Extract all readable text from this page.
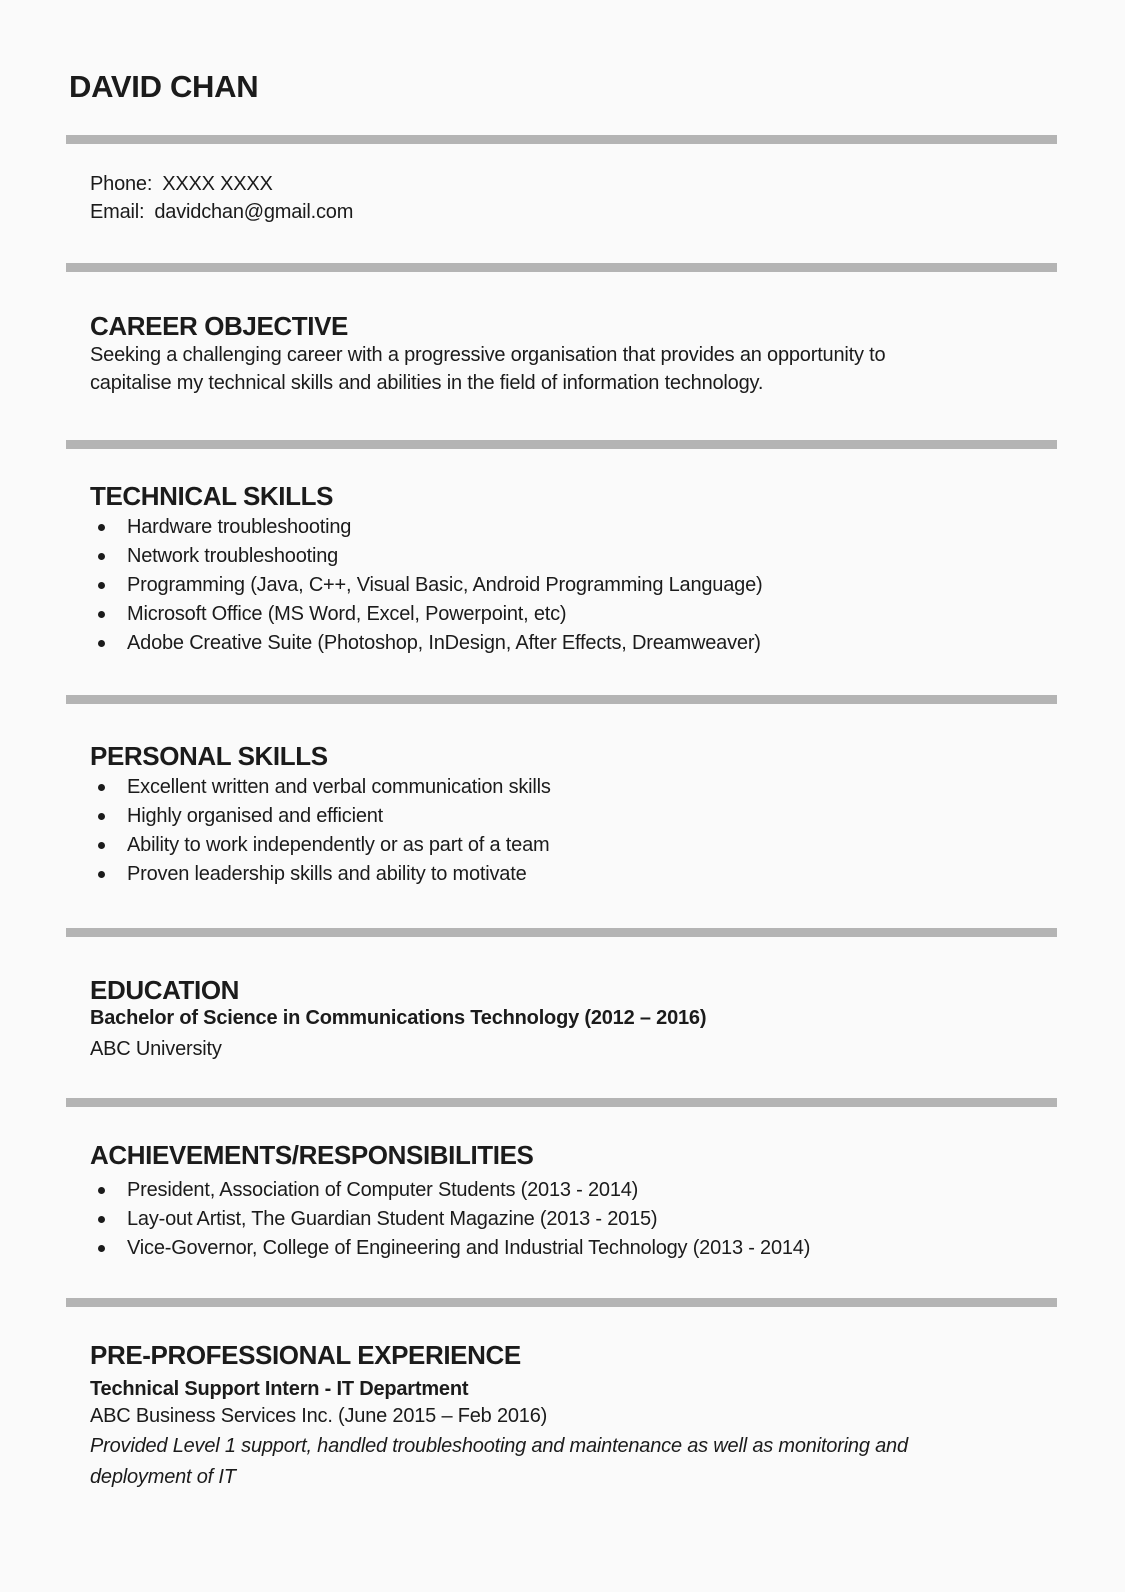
DAVID CHAN
Phone: XXXX XXXX
Email: davidchan@gmail.com
CAREER OBJECTIVE
Seeking a challenging career with a progressive organisation that provides an opportunity to
capitalise my technical skills and abilities in the field of information technology.
TECHNICAL SKILLS
Hardware troubleshooting
Network troubleshooting
Programming (Java, C++, Visual Basic, Android Programming Language)
Microsoft Office (MS Word, Excel, Powerpoint, etc)
Adobe Creative Suite (Photoshop, InDesign, After Effects, Dreamweaver)
PERSONAL SKILLS
Excellent written and verbal communication skills
Highly organised and efficient
Ability to work independently or as part of a team
Proven leadership skills and ability to motivate
EDUCATION
Bachelor of Science in Communications Technology (2012 – 2016)
ABC University
ACHIEVEMENTS/RESPONSIBILITIES
President, Association of Computer Students (2013 - 2014)
Lay-out Artist, The Guardian Student Magazine (2013 - 2015)
Vice-Governor, College of Engineering and Industrial Technology (2013 - 2014)
PRE-PROFESSIONAL EXPERIENCE
Technical Support Intern - IT Department
ABC Business Services Inc. (June 2015 – Feb 2016)
Provided Level 1 support, handled troubleshooting and maintenance as well as monitoring and
deployment of IT
